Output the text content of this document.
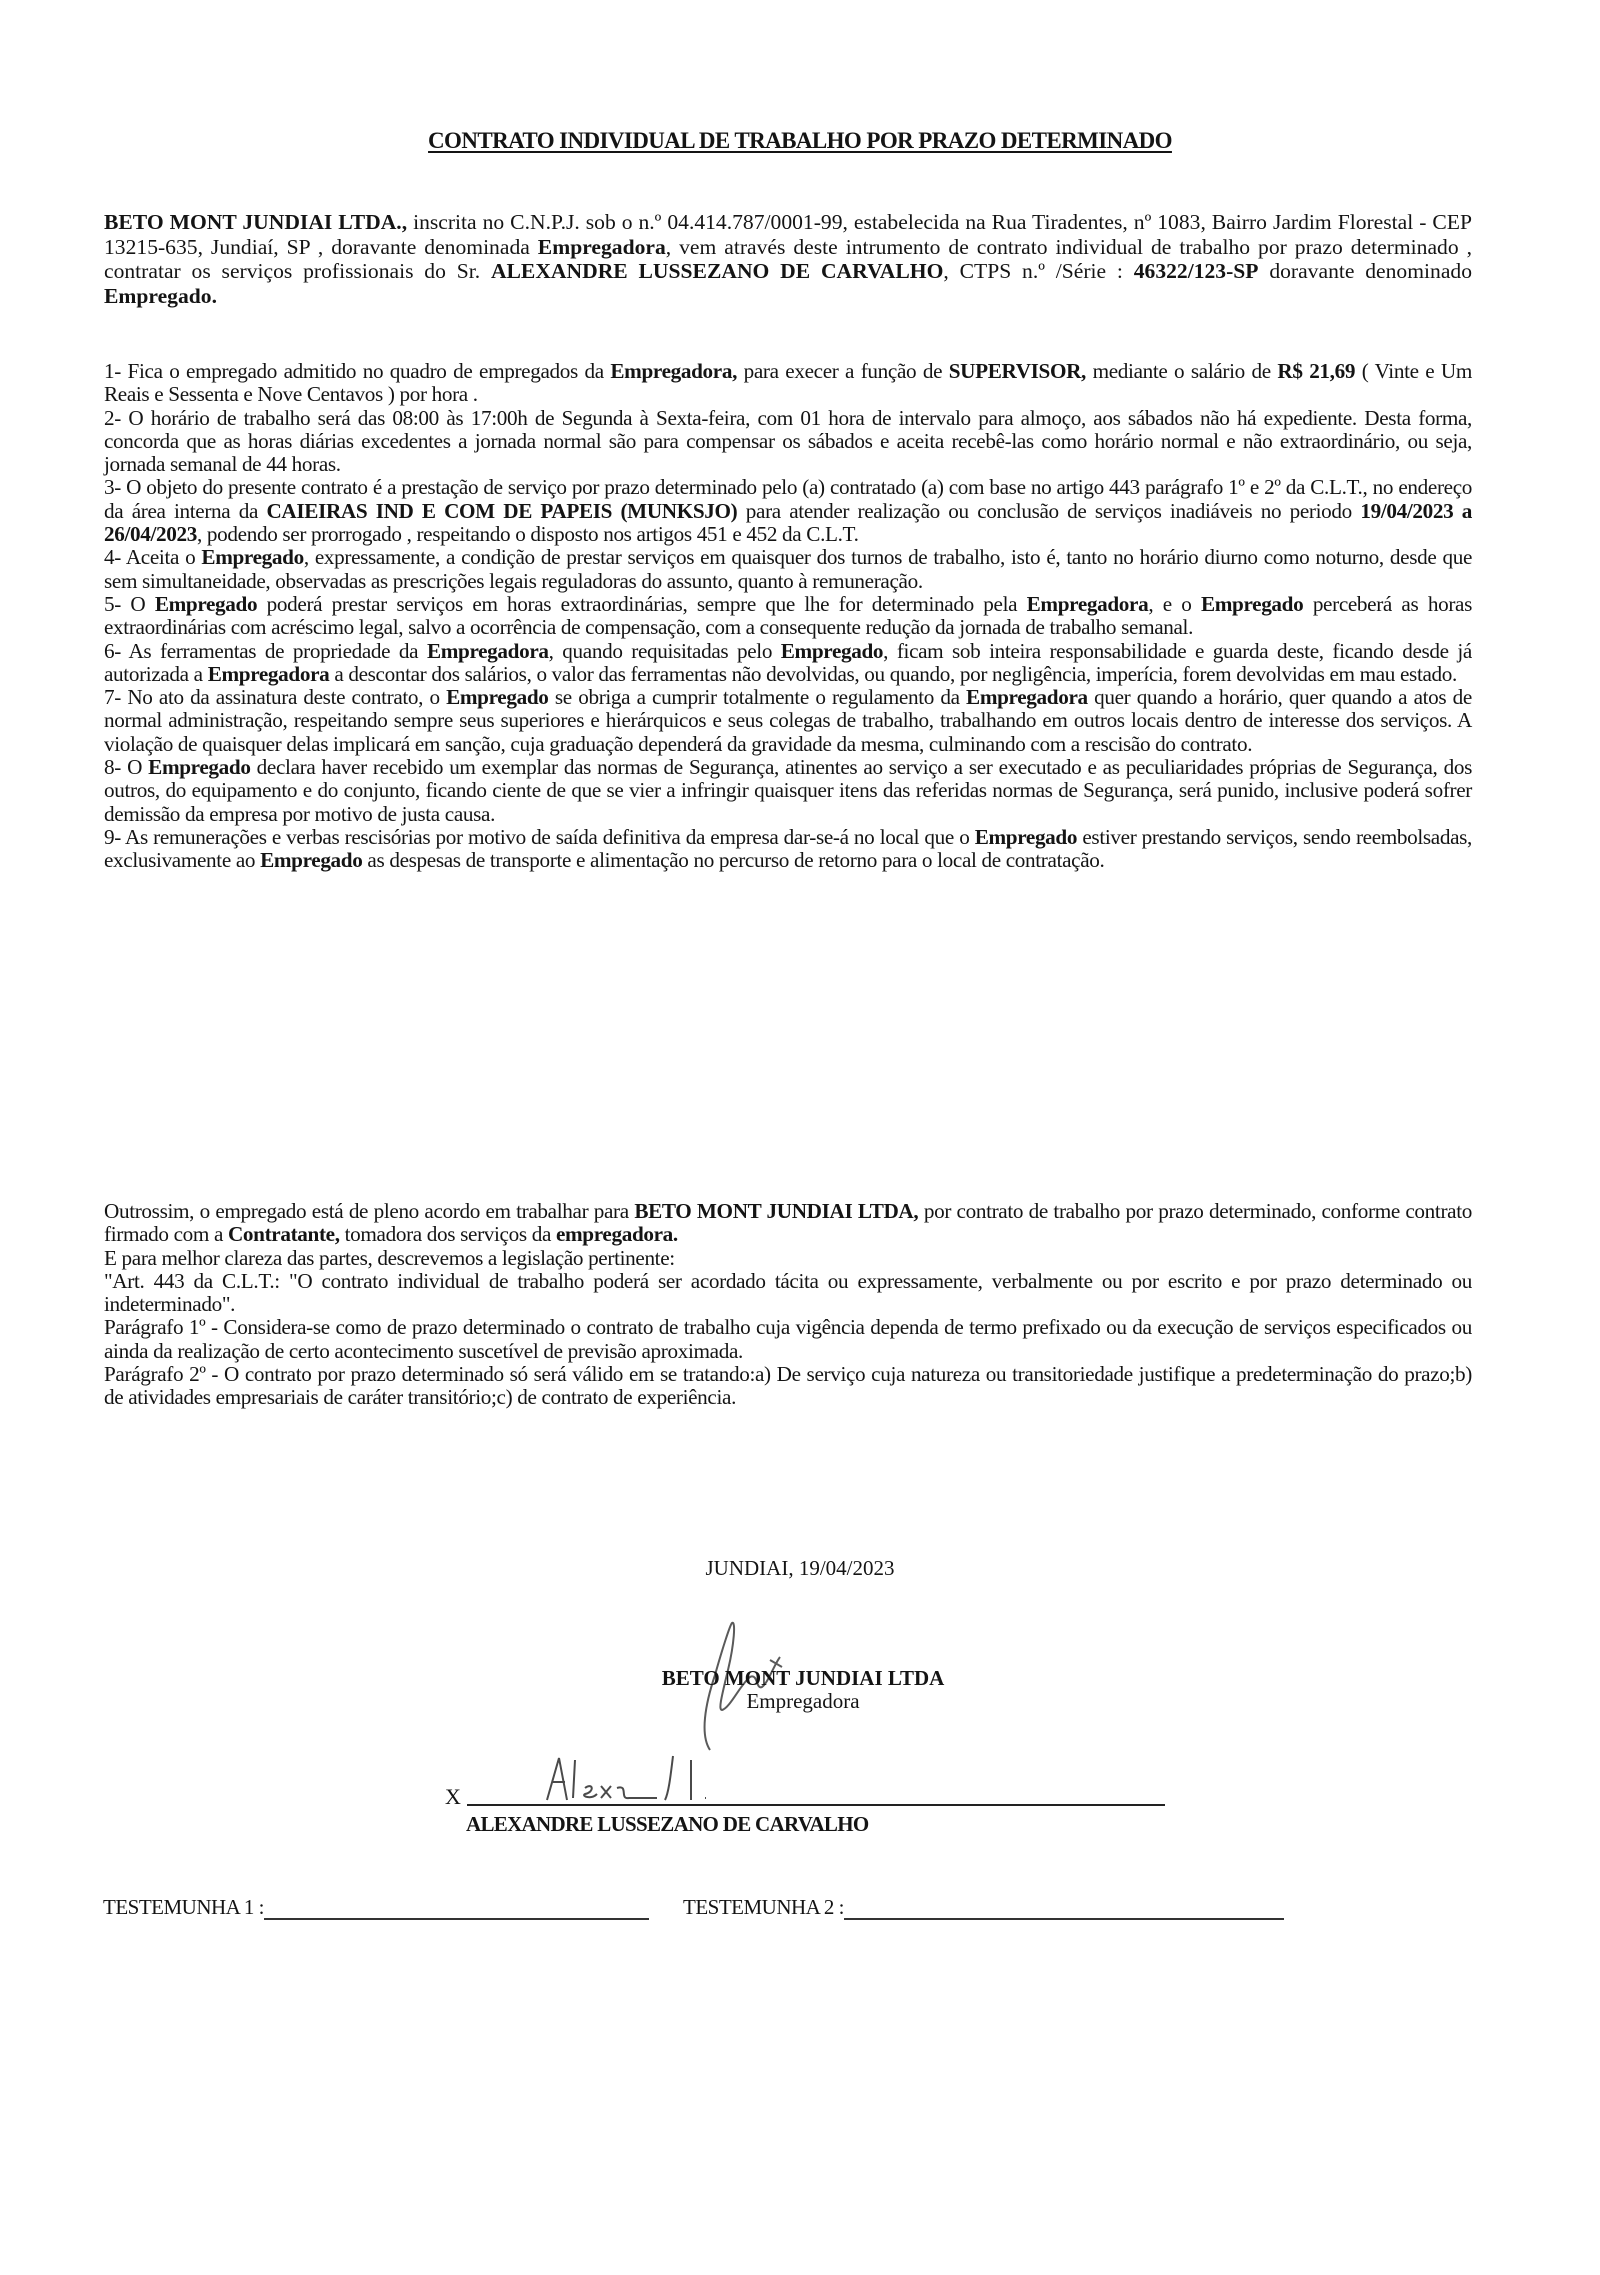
CONTRATO INDIVIDUAL DE TRABALHO POR PRAZO DETERMINADO

BETO MONT JUNDIAI LTDA., inscrita no C.N.P.J. sob o n.º 04.414.787/0001-99, estabelecida na Rua Tiradentes, nº 1083, Bairro Jardim Florestal - CEP 13215-635, Jundiaí, SP , doravante denominada Empregadora, vem através deste intrumento de contrato individual de trabalho por prazo determinado , contratar os serviços profissionais do Sr. ALEXANDRE LUSSEZANO DE CARVALHO, CTPS n.º /Série : 46322/123-SP doravante denominado Empregado.

1- Fica o empregado admitido no quadro de empregados da Empregadora, para execer a função de SUPERVISOR, mediante o salário de R$ 21,69 ( Vinte e Um Reais e Sessenta e Nove Centavos ) por hora .

2- O horário de trabalho será das 08:00 às 17:00h de Segunda à Sexta-feira, com 01 hora de intervalo para almoço, aos sábados não há expediente. Desta forma, concorda que as horas diárias excedentes a jornada normal são para compensar os sábados e aceita recebê-las como horário normal e não extraordinário, ou seja, jornada semanal de 44 horas.

3- O objeto do presente contrato é a prestação de serviço por prazo determinado pelo (a) contratado (a) com base no artigo 443 parágrafo 1º e 2º da C.L.T., no endereço da área interna da CAIEIRAS IND E COM DE PAPEIS (MUNKSJO) para atender realização ou conclusão de serviços inadiáveis no periodo 19/04/2023 a 26/04/2023, podendo ser prorrogado , respeitando o disposto nos artigos 451 e 452 da C.L.T.

4- Aceita o Empregado, expressamente, a condição de prestar serviços em quaisquer dos turnos de trabalho, isto é, tanto no horário diurno como noturno, desde que sem simultaneidade, observadas as prescrições legais reguladoras do assunto, quanto à remuneração.

5- O Empregado poderá prestar serviços em horas extraordinárias, sempre que lhe for determinado pela Empregadora, e o Empregado perceberá as horas extraordinárias com acréscimo legal, salvo a ocorrência de compensação, com a consequente redução da jornada de trabalho semanal.

6- As ferramentas de propriedade da Empregadora, quando requisitadas pelo Empregado, ficam sob inteira responsabilidade e guarda deste, ficando desde já autorizada a Empregadora a descontar dos salários, o valor das ferramentas não devolvidas, ou quando, por negligência, imperícia, forem devolvidas em mau estado.

7- No ato da assinatura deste contrato, o Empregado se obriga a cumprir totalmente o regulamento da Empregadora quer quando a horário, quer quando a atos de normal administração, respeitando sempre seus superiores e hierárquicos e seus colegas de trabalho, trabalhando em outros locais dentro de interesse dos serviços. A violação de quaisquer delas implicará em sanção, cuja graduação dependerá da gravidade da mesma, culminando com a rescisão do contrato.

8- O Empregado declara haver recebido um exemplar das normas de Segurança, atinentes ao serviço a ser executado e as peculiaridades próprias de Segurança, dos outros, do equipamento e do conjunto, ficando ciente de que se vier a infringir quaisquer itens das referidas normas de Segurança, será punido, inclusive poderá sofrer demissão da empresa por motivo de justa causa.

9- As remunerações e verbas rescisórias por motivo de saída definitiva da empresa dar-se-á no local que o Empregado estiver prestando serviços, sendo reembolsadas, exclusivamente ao Empregado as despesas de transporte e alimentação no percurso de retorno para o local de contratação.

Outrossim, o empregado está de pleno acordo em trabalhar para BETO MONT JUNDIAI LTDA, por contrato de trabalho por prazo determinado, conforme contrato firmado com a Contratante, tomadora dos serviços da empregadora.

E para melhor clareza das partes, descrevemos a legislação pertinente:

"Art. 443 da C.L.T.: "O contrato individual de trabalho poderá ser acordado tácita ou expressamente, verbalmente ou por escrito e por prazo determinado ou indeterminado".

Parágrafo 1º - Considera-se como de prazo determinado o contrato de trabalho cuja vigência dependa de termo prefixado ou da execução de serviços especificados ou ainda da realização de certo acontecimento suscetível de previsão aproximada.

Parágrafo 2º - O contrato por prazo determinado só será válido em se tratando:a) De serviço cuja natureza ou transitoriedade justifique a predeterminação do prazo;b) de atividades empresariais de caráter transitório;c) de contrato de experiência.

JUNDIAI, 19/04/2023
BETO MONT JUNDIAI LTDA
Empregadora
X
ALEXANDRE LUSSEZANO DE CARVALHO
TESTEMUNHA 1 :	TESTEMUNHA 2 :
